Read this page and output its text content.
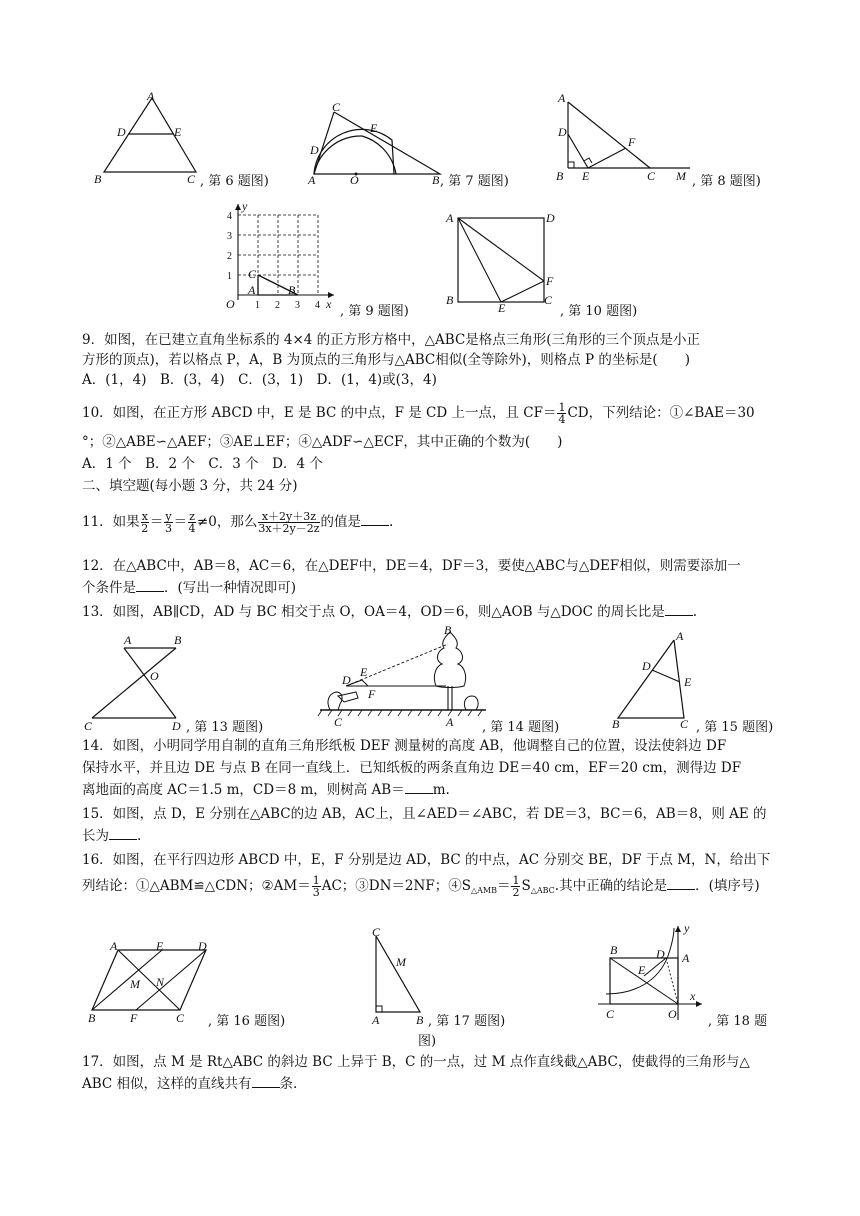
A
D	E
B	C , 第 6 题图)
C
E
D
A	O	B , 第 7 题图)
A
D
F
B E	C M , 第 8 题图)
y
4
3
2
1 C
A	B
O 1 2 3 4 x , 第 9 题图)
A	D
F
B
E
C
, 第 10 题图)
9．如图，在已建立直角坐标系的 4×4 的正方形方格中，△ABC是格点三角形(三角形的三个顶点是小正
方形的顶点)，若以格点 P，A，B 为顶点的三角形与△ABC相似(全等除外)，则格点 P 的坐标是(　　)
A．(1，4)　B．(3，4)　C．(3，1)　D．(1，4)或(3，4)
10．如图，在正方形 ABCD 中，E 是 BC 的中点，F 是 CD 上一点，且 $CF= \frac{1}{4}$ CD，下列结论：①∠BAE＝30
°；②△ABE∽△AEF；③AE⊥EF；④△ADF∽△ECF，其中正确的个数为(　　)
A．1 个　B．2 个　C．3 个　D．4 个
二、填空题(每小题 3 分，共 24 分)
11．如果 $\frac{x}{2} = \frac{y}{3} = \frac{z}{4} \ne 0$，那么 $\frac{x+2y+3z}{3x+2y-2z}$ 的值是 .
12．在△ABC中，AB＝8，AC＝6，在△DEF中，DE＝4，DF＝3，要使△ABC与△DEF相似，则需要添加一
个条件是 ．(写出一种情况即可)
13．如图，AB∥CD，AD 与 BC 相交于点 O，OA＝4，OD＝6，则△AOB 与△DOC 的周长比是 .
A	B
O
C	D , 第 13 题图)
B
E
D
F
C	A , 第 14 题图)
A
D
E
B	C , 第 15 题图)
14．如图，小明同学用自制的直角三角形纸板 DEF 测量树的高度 AB，他调整自己的位置，设法使斜边 DF
保持水平，并且边 DE 与点 B 在同一直线上．已知纸板的两条直角边 DE＝40 cm，EF＝20 cm，测得边 DF
离地面的高度 AC＝1.5 m，CD＝8 m，则树高 AB＝ m.
15．如图，点 D，E 分别在△ABC的边 AB，AC上，且∠AED＝∠ABC，若 DE＝3，BC＝6，AB＝8，则 AE 的
长为 .
16．如图，在平行四边形 ABCD 中，E，F 分别是边 AD，BC 的中点，AC 分别交 BE，DF 于点 M，N，给出下
列结论：①△ABM≌△CDN；②AM＝ $\frac{1}{3}$ AC；③DN＝2NF；$④S_{\triangle AMB}= \frac{1}{2} S_{\triangle ABC}$.其中正确的结论是 ．(填序号)
A	E	D
M N
B	F	C , 第 16 题图)
C
M
A	B , 第 17 题图)
图)
y
B
A
E
D
C	O
x
, 第 18 题
17．如图，点 M 是 Rt△ABC 的斜边 BC 上异于 B，C 的一点，过 M 点作直线截△ABC，使截得的三角形与△
ABC 相似，这样的直线共有 条.
